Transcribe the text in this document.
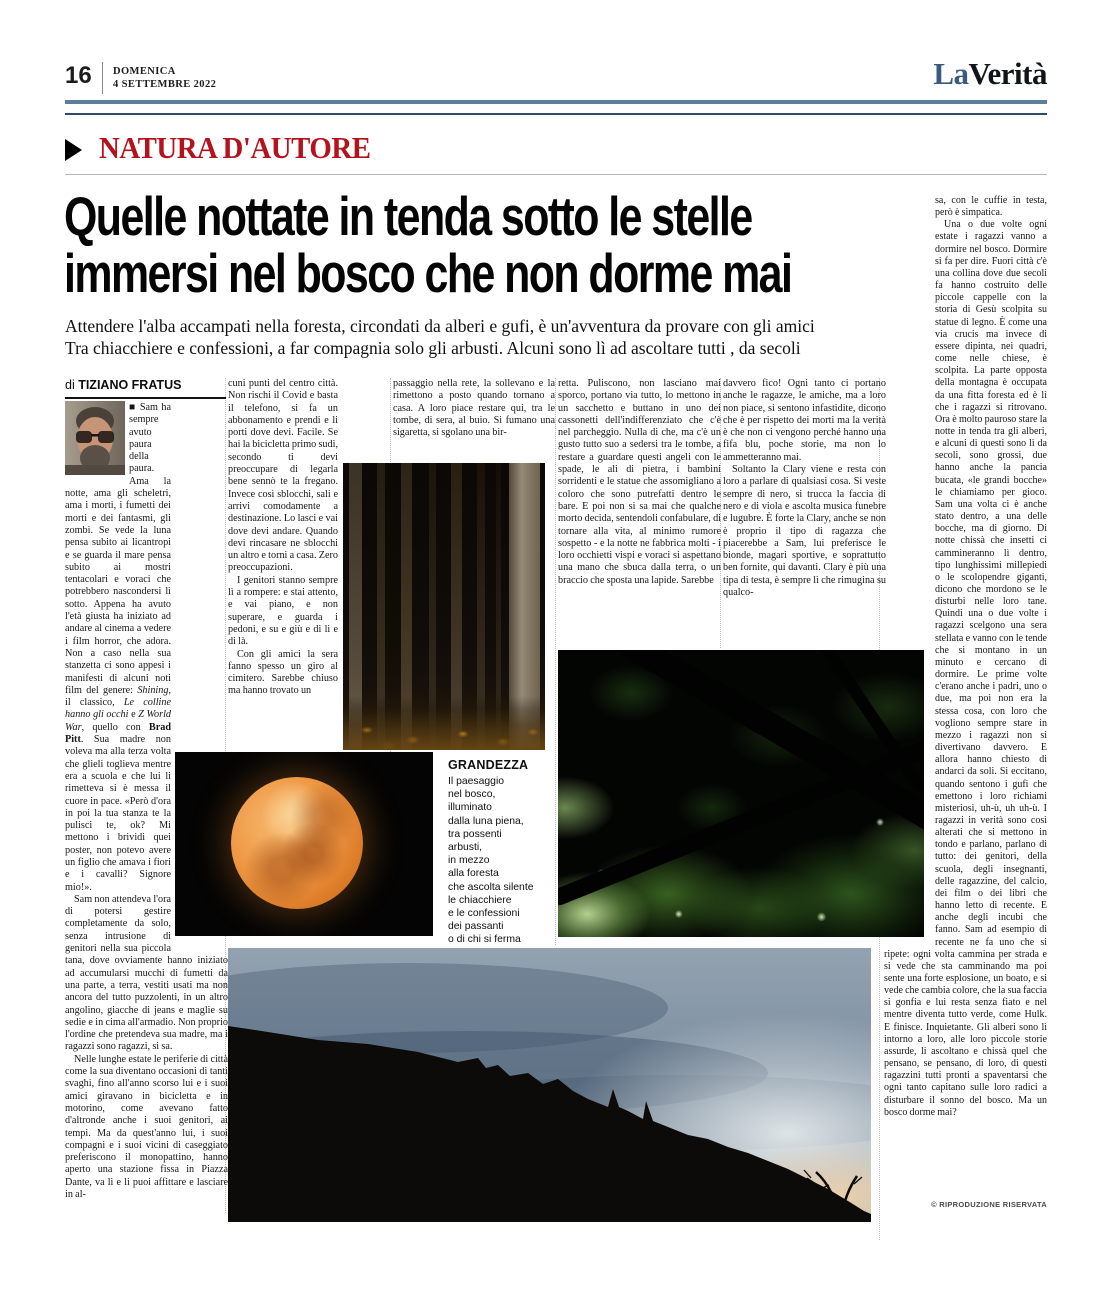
16 DOMENICA
4 SETTEMBRE 2022	LaVerità
NATURA D'AUTORE
Quelle nottate in tenda sotto le stelle
immersi nel bosco che non dorme mai
Attendere l'alba accampati nella foresta, circondati da alberi e gufi, è un'avventura da provare con gli amici
Tra chiacchiere e confessioni, a far compagnia solo gli arbusti. Alcuni sono lì ad ascoltare tutti , da secoli
di TIZIANO FRATUS

■ Sam ha sempre avuto paura della paura. Ama la notte, ama gli scheletri, ama i morti, i fumetti dei morti e dei fantasmi, gli zombi. Se vede la luna pensa subito ai licantropi e se guarda il mare pensa subito ai mostri tentacolari e voraci che potrebbero nascondersi lì sotto. Appena ha avuto l'età giusta ha iniziato ad andare al cinema a vedere i film horror, che adora. Non a caso nella sua stanzetta ci sono appesi i manifesti di alcuni noti film del genere: Shining, il classico, Le colline hanno gli occhi e Z World War, quello con Brad Pitt. Sua madre non voleva ma alla terza volta che glieli toglieva mentre era a scuola e che lui li rimetteva si è messa il cuore in pace. «Però d'ora in poi la tua stanza te la pulisci te, ok? Mi mettono i brividi quei poster, non potevo avere un figlio che amava i fiori e i cavalli? Signore mio!».

Sam non attendeva l'ora di potersi gestire completamente da solo, senza intrusione di genitori nella sua piccola tana, dove ovviamente hanno iniziato ad accumularsi mucchi di fumetti da una parte, a terra, vestiti usati ma non ancora del tutto puzzolenti, in un altro angolino, giacche di jeans e maglie su sedie e in cima all'armadio. Non proprio l'ordine che pretendeva sua madre, ma i ragazzi sono ragazzi, si sa.

Nelle lunghe estate le periferie di città come la sua diventano occasioni di tanti svaghi, fino all'anno scorso lui e i suoi amici giravano in bicicletta e in motorino, come avevano fatto d'altronde anche i suoi genitori, ai tempi. Ma da quest'anno lui, i suoi compagni e i suoi vicini di caseggiato preferiscono il monopattino, hanno aperto una stazione fissa in Piazza Dante, va lì e li puoi affittare e lasciare in al-

cuni punti del centro città. Non rischi il Covid e basta il telefono, si fa un abbonamento e prendi e li porti dove devi. Facile. Se hai la bicicletta primo sudi, secondo ti devi preoccupare di legarla bene sennò te la fregano. Invece così sblocchi, sali e arrivi comodamente a destinazione. Lo lasci e vai dove devi andare. Quando devi rincasare ne sblocchi un altro e torni a casa. Zero preoccupazioni.

I genitori stanno sempre lì a rompere: e stai attento, e vai piano, e non superare, e guarda i pedoni, e su e giù e di li e di là.

Con gli amici la sera fanno spesso un giro al cimitero. Sarebbe chiuso ma hanno trovato un

passaggio nella rete, la sollevano e la rimettono a posto quando tornano a casa. A loro piace restare qui, tra le tombe, di sera, al buio. Si fumano una sigaretta, si sgolano una bir-

retta. Puliscono, non lasciano mai sporco, portano via tutto, lo mettono in un sacchetto e buttano in uno dei cassonetti dell'indifferenziato che c'è nel parcheggio. Nulla di che, ma c'è un gusto tutto suo a sedersi tra le tombe, a restare a guardare questi angeli con le spade, le ali di pietra, i bambini sorridenti e le statue che assomigliano a coloro che sono putrefatti dentro le bare. E poi non si sa mai che qualche morto decida, sentendoli confabulare, di tornare alla vita, al minimo rumore sospetto - e la notte ne fabbrica molti - i loro occhietti vispi e voraci si aspettano una mano che sbuca dalla terra, o un braccio che sposta una lapide. Sarebbe

davvero fico! Ogni tanto ci portano anche le ragazze, le amiche, ma a loro non piace, si sentono infastidite, dicono che è per rispetto dei morti ma la verità è che non ci vengono perché hanno una fifa blu, poche storie, ma non lo ammetteranno mai.

Soltanto la Clary viene e resta con loro a parlare di qualsiasi cosa. Si veste sempre di nero, si trucca la faccia di nero e di viola e ascolta musica funebre e lugubre. È forte la Clary, anche se non è proprio il tipo di ragazza che piacerebbe a Sam, lui preferisce le bionde, magari sportive, e soprattutto ben fornite, qui davanti. Clary è più una tipa di testa, è sempre lì che rimugina su qualco-

sa, con le cuffie in testa, però è simpatica.

Una o due volte ogni estate i ragazzi vanno a dormire nel bosco. Dormire si fa per dire. Fuori città c'è una collina dove due secoli fa hanno costruito delle piccole cappelle con la storia di Gesù scolpita su statue di legno. È come una via crucis ma invece di essere dipinta, nei quadri, come nelle chiese, è scolpita. La parte opposta della montagna è occupata da una fitta foresta ed è lì che i ragazzi si ritrovano. Ora è molto pauroso stare la notte in tenda tra gli alberi, e alcuni di questi sono lì da secoli, sono grossi, due hanno anche la pancia bucata, «le grandi bocche» le chiamiamo per gioco. Sam una volta ci è anche stato dentro, a una delle bocche, ma di giorno. Di notte chissà che insetti ci cammineranno lì dentro, tipo lunghissimi millepiedi o le scolopendre giganti, dicono che mordono se le disturbi nelle loro tane. Quindi una o due volte i ragazzi scelgono una sera stellata e vanno con le tende che si montano in un minuto e cercano di dormire. Le prime volte c'erano anche i padri, uno o due, ma poi non era la stessa cosa, con loro che vogliono sempre stare in mezzo i ragazzi non si divertivano davvero. E allora hanno chiesto di andarci da soli. Si eccitano, quando sentono i gufi che emettono i loro richiami misteriosi, uh-ù, uh uh-ù. I ragazzi in verità sono così alterati che si mettono in tondo e parlano, parlano di tutto: dei genitori, della scuola, degli insegnanti, delle ragazzine, del calcio, dei film o dei libri che hanno letto di recente. E anche degli incubi che fanno. Sam ad esempio di recente ne fa uno che si ripete: ogni volta cammina per strada e si vede che sta camminando ma poi sente una forte esplosione, un boato, e si vede che cambia colore, che la sua faccia si gonfia e lui resta senza fiato e nel mentre diventa tutto verde, come Hulk. E finisce. Inquietante. Gli alberi sono lì intorno a loro, alle loro piccole storie assurde, li ascoltano e chissà quel che pensano, se pensano, di loro, di questi ragazzini tutti pronti a spaventarsi che ogni tanto capitano sulle loro radici a disturbare il sonno del bosco. Ma un bosco dorme mai?

© RIPRODUZIONE RISERVATA
GRANDEZZA
Il paesaggio
nel bosco,
illuminato
dalla luna piena,
tra possenti
arbusti,
in mezzo
alla foresta
che ascolta silente
le chiacchiere
e le confessioni
dei passanti
o di chi si ferma
